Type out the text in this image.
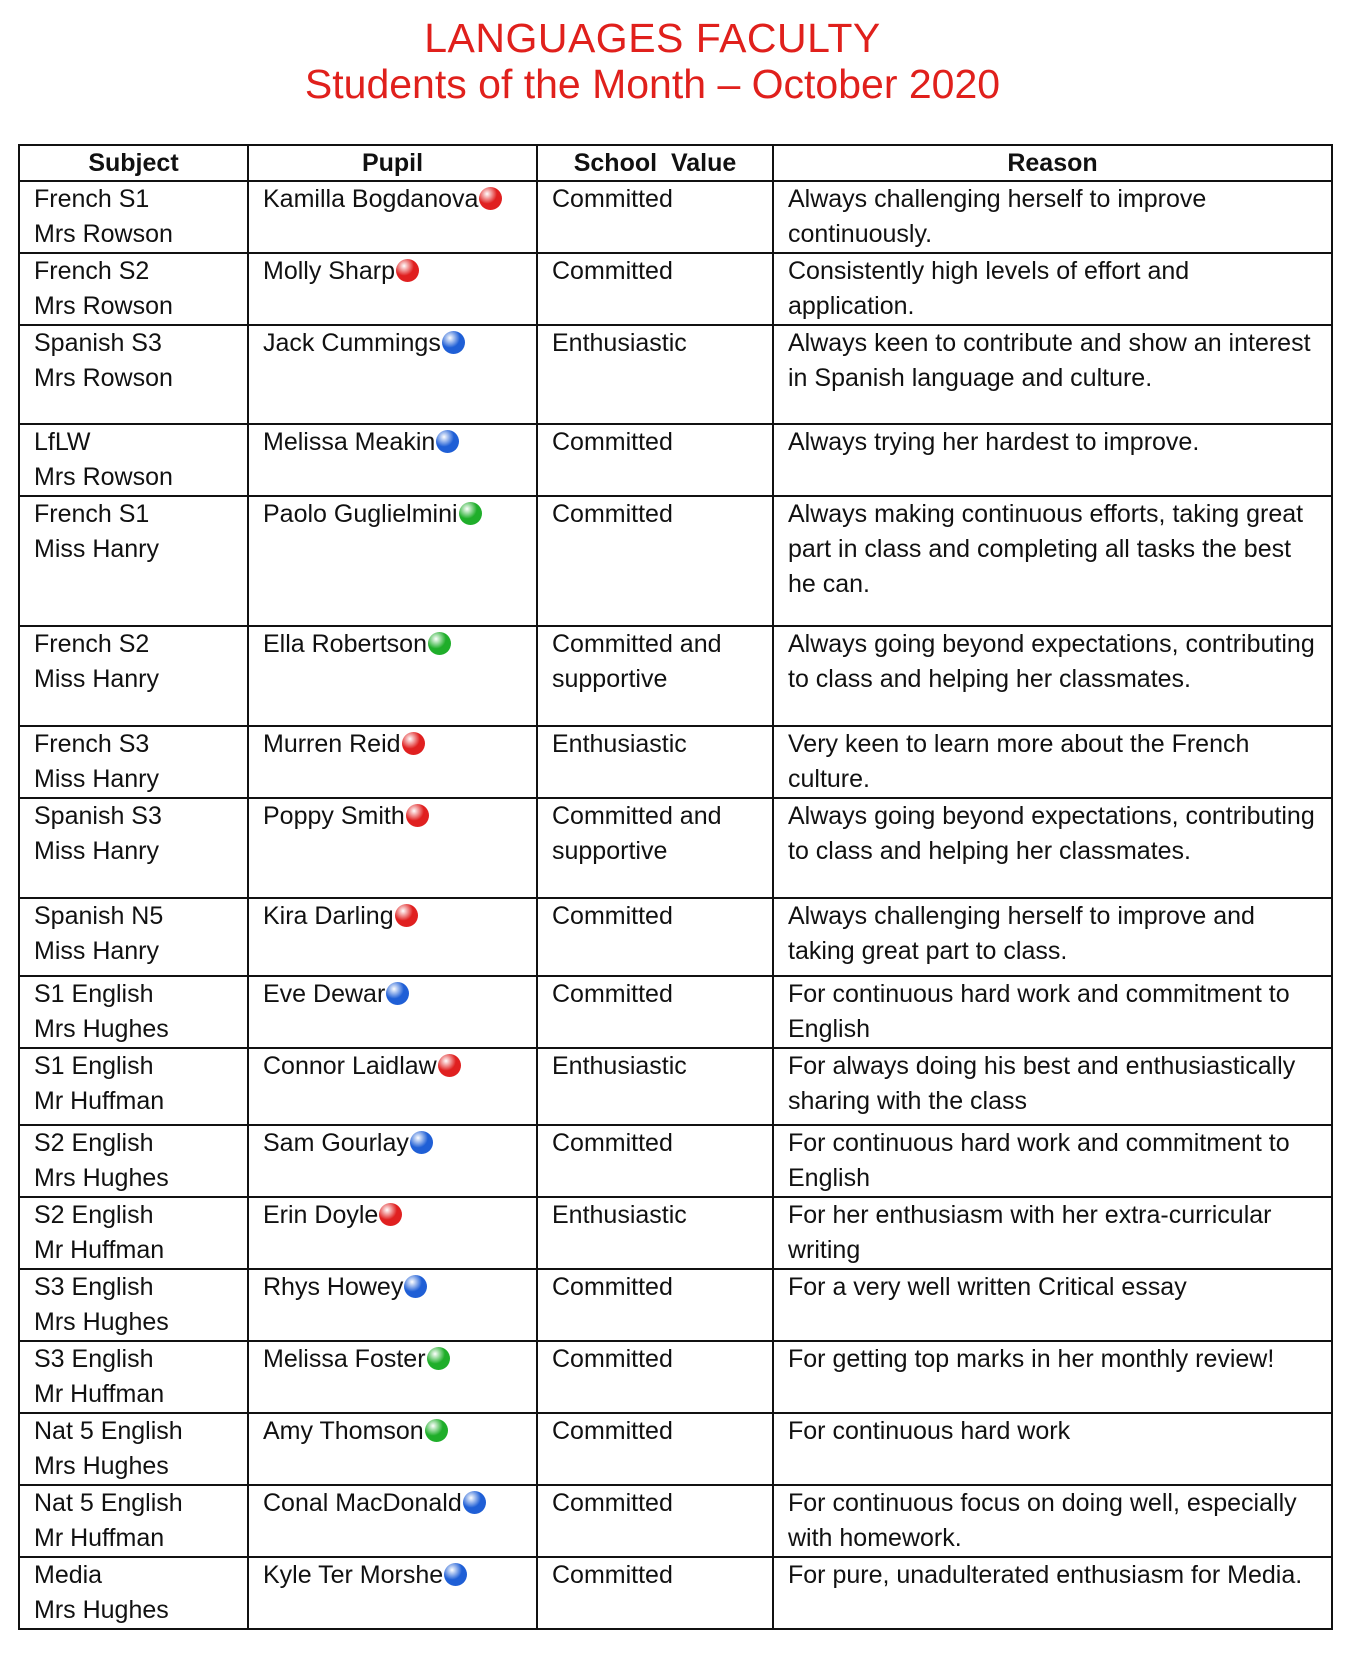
LANGUAGES FACULTY
Students of the Month – October 2020
Subject	Pupil	School  Value	Reason

French S1
Mrs Rowson	Kamilla Bogdanova	Committed	Always challenging herself to improve continuously.

French S2
Mrs Rowson	Molly Sharp	Committed	Consistently high levels of effort and application.

Spanish S3
Mrs Rowson	Jack Cummings	Enthusiastic	Always keen to contribute and show an interest in Spanish language and culture.

LfLW
Mrs Rowson	Melissa Meakin	Committed	Always trying her hardest to improve.

French S1
Miss Hanry	Paolo Guglielmini	Committed	Always making continuous efforts, taking great part in class and completing all tasks the best he can.

French S2
Miss Hanry	Ella Robertson	Committed and supportive	Always going beyond expectations, contributing to class and helping her classmates.

French S3
Miss Hanry	Murren Reid	Enthusiastic	Very keen to learn more about the French culture.

Spanish S3
Miss Hanry	Poppy Smith	Committed and supportive	Always going beyond expectations, contributing to class and helping her classmates.

Spanish N5
Miss Hanry	Kira Darling	Committed	Always challenging herself to improve and taking great part to class.

S1 English
Mrs Hughes	Eve Dewar	Committed	For continuous hard work and commitment to English

S1 English
Mr Huffman	Connor Laidlaw	Enthusiastic	For always doing his best and enthusiastically sharing with the class

S2 English
Mrs Hughes	Sam Gourlay	Committed	For continuous hard work and commitment to English

S2 English
Mr Huffman	Erin Doyle	Enthusiastic	For her enthusiasm with her extra-curricular writing

S3 English
Mrs Hughes	Rhys Howey	Committed	For a very well written Critical essay

S3 English
Mr Huffman	Melissa Foster	Committed	For getting top marks in her monthly review!

Nat 5 English
Mrs Hughes	Amy Thomson	Committed	For continuous hard work

Nat 5 English
Mr Huffman	Conal MacDonald	Committed	For continuous focus on doing well, especially with homework.

Media
Mrs Hughes	Kyle Ter Morshe	Committed	For pure, unadulterated enthusiasm for Media.
